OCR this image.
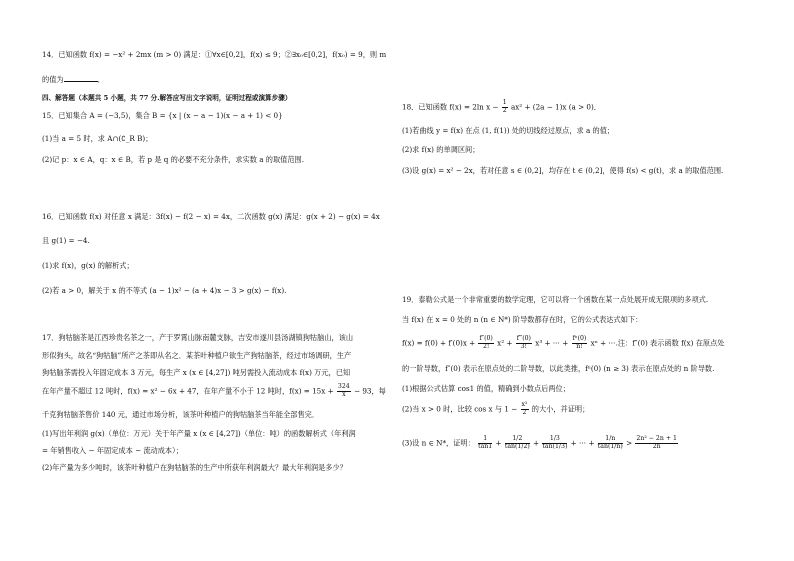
14．已知函数 f(x) = −x² + 2mx (m > 0) 满足：①∀x∈[0,2]，f(x) ≤ 9；②∃x₀∈[0,2]，f(x₀) = 9，则 m
的值为	．
四、解答题（本题共 5 小题，共 77 分.解答应写出文字说明，证明过程或演算步骤）
15．已知集合 A = (−3,5)，集合 B = {x | (x − a − 1)(x − a + 1) < 0}
(1)当 a = 5 时，求 A∩(∁_R B)；
(2)记 p：x ∈ A，q：x ∈ B，若 p 是 q 的必要不充分条件，求实数 a 的取值范围.
16．已知函数 f(x) 对任意 x 满足：3f(x) − f(2 − x) = 4x，二次函数 g(x) 满足：g(x + 2) − g(x) = 4x
且 g(1) = −4.
(1)求 f(x)，g(x) 的解析式；
(2)若 a > 0，解关于 x 的不等式 (a − 1)x² − (a + 4)x − 3 > g(x) − f(x).
17．狗牯脑茶是江西珍贵名茶之一，产于罗霄山脉南麓支脉，吉安市遂川县汤湖镇狗牯脑山，该山
形似狗头，故名“狗牯脑”所产之茶即从名之．某茶叶种植户欲生产狗牯脑茶，经过市场调研，生产
狗牯脑茶需投入年固定成本 3 万元，每生产 x (x ∈ [4,27]) 吨另需投入流动成本 f(x) 万元，已知
在年产量不超过 12 吨时，f(x) = x² − 6x + 47，在年产量不小于 12 吨时，$f(x) = 15x + \frac{324}{x} - 93$，每
千克狗牯脑茶售价 140 元，通过市场分析，该茶叶种植户的狗牯脑茶当年能全部售完．
(1)写出年利润 g(x)（单位：万元）关于年产量 x (x ∈ [4,27])（单位：吨）的函数解析式（年利润
= 年销售收入 − 年固定成本 − 流动成本）；
(2)年产量为多少吨时，该茶叶种植户在狗牯脑茶的生产中所获年利润最大？最大年利润是多少？
18．已知函数 f(x) = 2ln $x - \frac{1}{2} ax^2 + (2a - 1)x$ (a > 0)．
(1)若曲线 y = f(x) 在点 (1, f(1)) 处的切线经过原点，求 a 的值；
(2)求 f(x) 的单调区间；
(3)设 g(x) = x² − 2x，若对任意 s ∈ (0,2]，均存在 t ∈ (0,2]，使得 f(s) < g(t)，求 a 的取值范围.
19．泰勒公式是一个非常重要的数学定理，它可以将一个函数在某一点处展开成无限项的多项式.
当 f(x) 在 x = 0 处的 n (n ∈ N*) 阶导数都存在时，它的公式表达式如下：
$f(x) = f(0) + f'(0)x + \frac{f''(0)}{2!} x^2 + \frac{f‴(0)}{3!} x^3$ + ⋯ + $\frac{\text{fⁿ(0)}}{n!}$ xⁿ + ⋯.注：f″(0) 表示函数 f(x) 在原点处
的一阶导数，f″(0) 表示在原点处的二阶导数，以此类推，fⁿ(0) (n ≥ 3) 表示在原点处的 n 阶导数.
(1)根据公式估算 cos1 的值，精确到小数点后两位；
(2)当 x > 0 时，比较 cos x 与 $1 - \frac{\text{x²}}{2}$ 的大小，并证明；
(3)设 n ∈ N*，证明： $\frac{1}{\tan 1} + \frac{1/2}{\tan(1/2)} + \frac{1/3}{\tan(1/3)}$ + ⋯ + $\frac{1/n}{\tan(1/n)} > \frac{\text{2n² − 2n + 1}}{2n}$
